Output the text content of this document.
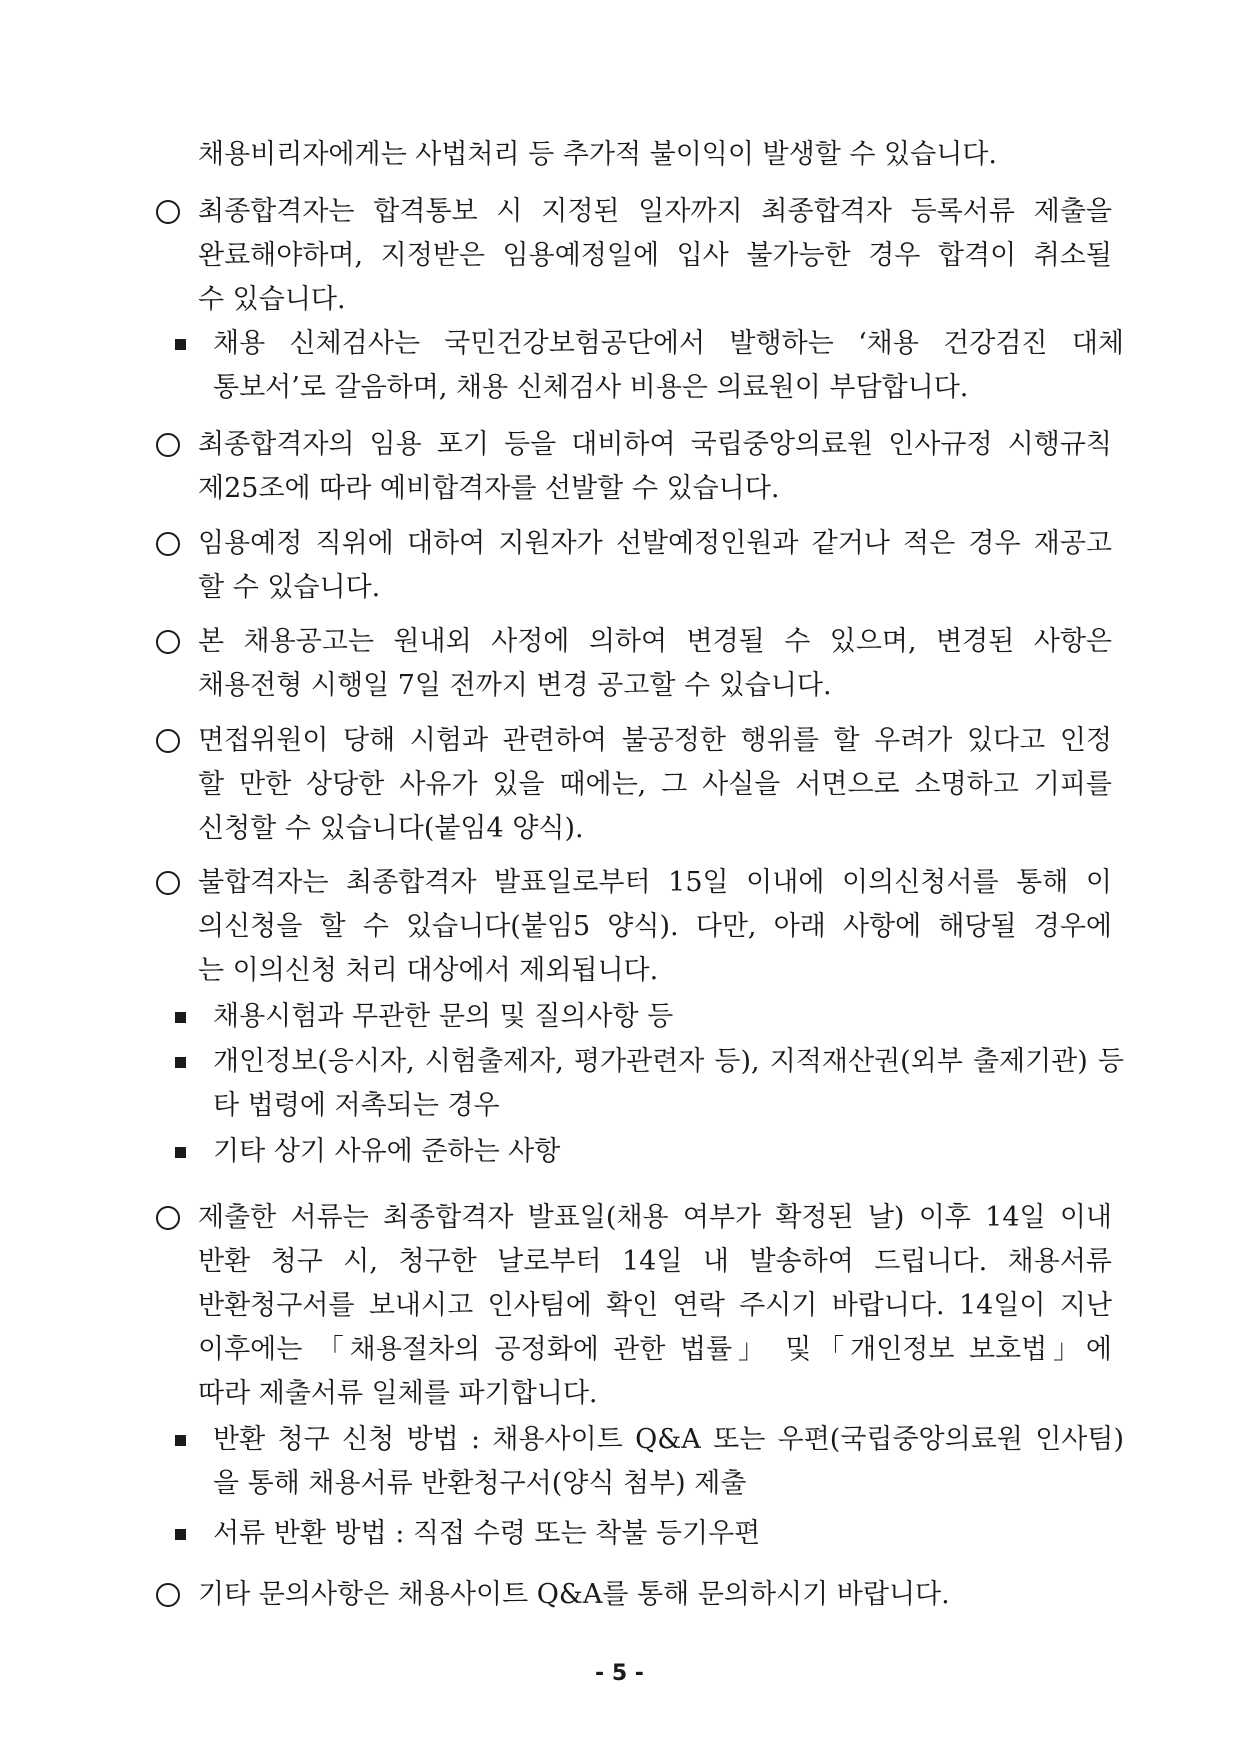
채용비리자에게는 사법처리 등 추가적 불이익이 발생할 수 있습니다.
최종합격자는 합격통보 시 지정된 일자까지 최종합격자 등록서류 제출을
완료해야하며, 지정받은 임용예정일에 입사 불가능한 경우 합격이 취소될
수 있습니다.
채용 신체검사는 국민건강보험공단에서 발행하는 ‘채용 건강검진 대체
통보서’로 갈음하며, 채용 신체검사 비용은 의료원이 부담합니다.
최종합격자의 임용 포기 등을 대비하여 국립중앙의료원 인사규정 시행규칙
제25조에 따라 예비합격자를 선발할 수 있습니다.
임용예정 직위에 대하여 지원자가 선발예정인원과 같거나 적은 경우 재공고
할 수 있습니다.
본 채용공고는 원내외 사정에 의하여 변경될 수 있으며, 변경된 사항은
채용전형 시행일 7일 전까지 변경 공고할 수 있습니다.
면접위원이 당해 시험과 관련하여 불공정한 행위를 할 우려가 있다고 인정
할 만한 상당한 사유가 있을 때에는, 그 사실을 서면으로 소명하고 기피를
신청할 수 있습니다(붙임4 양식).
불합격자는 최종합격자 발표일로부터 15일 이내에 이의신청서를 통해 이
의신청을 할 수 있습니다(붙임5 양식). 다만, 아래 사항에 해당될 경우에
는 이의신청 처리 대상에서 제외됩니다.
채용시험과 무관한 문의 및 질의사항 등
개인정보(응시자, 시험출제자, 평가관련자 등), 지적재산권(외부 출제기관) 등
타 법령에 저촉되는 경우
기타 상기 사유에 준하는 사항
제출한 서류는 최종합격자 발표일(채용 여부가 확정된 날) 이후 14일 이내
반환 청구 시, 청구한 날로부터 14일 내 발송하여 드립니다. 채용서류
반환청구서를 보내시고 인사팀에 확인 연락 주시기 바랍니다. 14일이 지난
이후에는 「채용절차의 공정화에 관한 법률」 및「개인정보 보호법」에
따라 제출서류 일체를 파기합니다.
반환 청구 신청 방법 : 채용사이트 Q&A 또는 우편(국립중앙의료원 인사팀)
을 통해 채용서류 반환청구서(양식 첨부) 제출
서류 반환 방법 : 직접 수령 또는 착불 등기우편
기타 문의사항은 채용사이트 Q&A를 통해 문의하시기 바랍니다.
- 5 -
